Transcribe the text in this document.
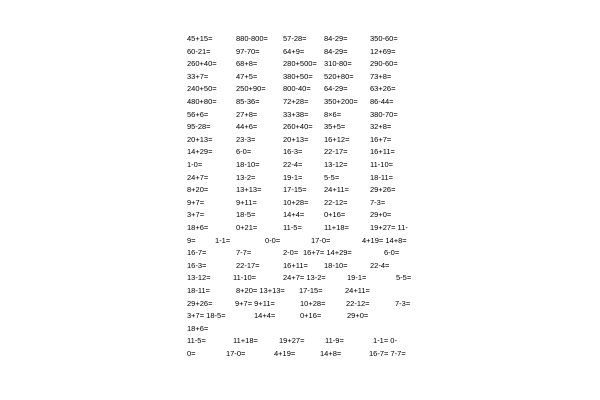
45+15=	880-800= 57-28= 84-29=	350-60=
60-21=	97-70=	64+9=	84-29=	12+69=
260+40=	68+8=	280+500= 310-80= 290-60=
33+7=	47+5=	380+50= 520+80= 73+8=
240+50=	250+90= 800-40= 64-29=	63+26=
480+80=	85-36=	72+28= 350+200= 86-44=
56+6=	27+8=	33+38= 8×6=	380-70=
95-28=	44+6=	260+40= 35+5=	32+8=
20+13=	23-3=	20+13= 16+12=	16+7=
14+29=	6-0=	16-3=	22-17=	16+11=
1-0=	18-10=	22-4=	13-12=	11-10=
24+7=	13-2=	19-1=	5-5=	18-11=
8+20=	13+13=	17-15= 24+11=	29+26=
9+7=	9+11=	10+28= 22-12=	7-3=
3+7=	18-5=	14+4=	0+16=	29+0=
18+6=	0+21=	11-5=	11+18=	19+27= 11-
9=	1-1=	0-0=	17-0=	4+19= 14+8=
16-7=	7-7=	2-0= 16+7= 14+29=	6-0=
16-3=	22-17=	16+11= 18-10=	22-4=
13-12=	11-10=	24+7= 13-2=	19-1=	5-5=
18-11=	8+20= 13+13= 17-15=	24+11=
29+26=	9+7= 9+11=	10+28=	22-12=	7-3=
3+7= 18-5=	14+4=	0+16=	29+0=
18+6=
11-5=	11+18=	19+27=	11-9=	1-1= 0-
0=	17-0=	4+19=	14+8=	16-7= 7-7=
